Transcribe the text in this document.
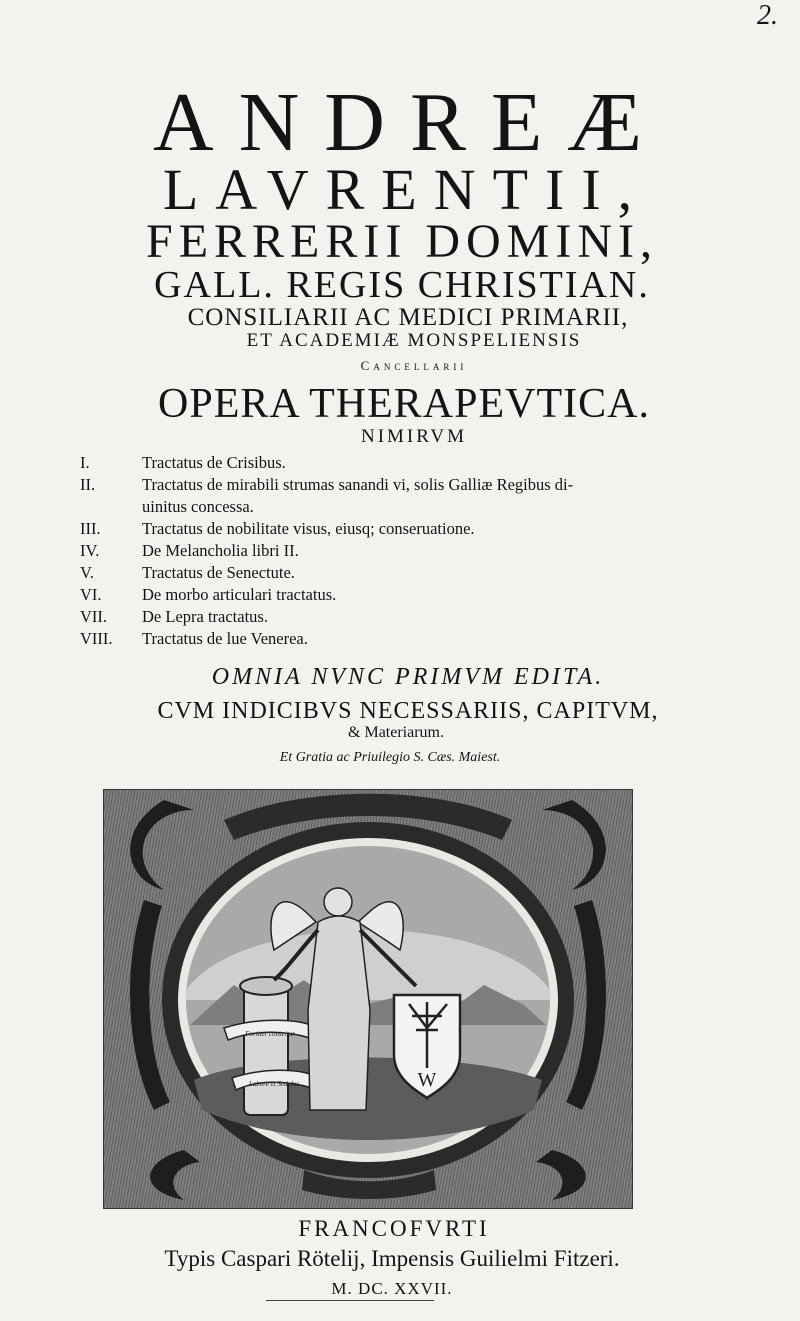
2.
ANDREÆ
LAVRENTII,
FERRERII DOMINI,
GALL. REGIS CHRISTIAN.
CONSILIARII AC MEDICI PRIMARII,
ET ACADEMIÆ MONSPELIENSIS
Cancellarii
OPERA THERAPEVTICA.
NIMIRVM
I.	Tractatus de Crisibus.
II.	Tractatus de mirabili strumas sanandi vi, solis Galliæ Regibus di-
uinitus concessa.
III.	Tractatus de nobilitate visus, eiusq; conseruatione.
IV.	De Melancholia libri II.
V.	Tractatus de Senectute.
VI. De morbo articulari tractatus.
VII. De Lepra tractatus.
VIII. Tractatus de lue Venerea.
OMNIA NVNC PRIMVM EDITA.
CVM INDICIBVS NECESSARIIS, CAPITVM,
& Materiarum.
Et Gratia ac Priuilegio S. Cæs. Maiest.
Fortiter conscitur
Labore et Sedulus	W
FRANCOFVRTI
Typis Caspari Rötelij, Impensis Guilielmi Fitzeri.
M. DC. XXVII.
